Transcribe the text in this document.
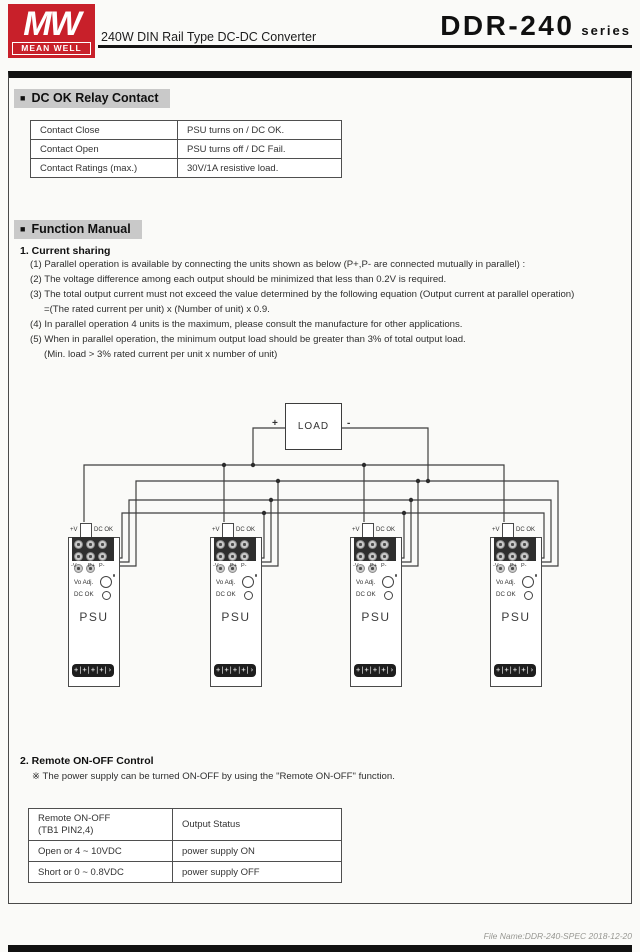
MW
MEAN WELL
240W DIN Rail Type DC-DC Converter	DDR-240 series
■ DC OK Relay Contact
Contact Close	PSU turns on / DC OK.
Contact Open	PSU turns off / DC Fail.
Contact Ratings (max.)	30V/1A resistive load.
■ Function Manual
1. Current sharing
(1) Parallel operation is available by connecting the units shown as below (P+,P- are connected mutually in parallel) :
(2) The voltage difference among each output should be minimized that less than 0.2V is required.
(3) The total output current must not exceed the value determined by the following equation (Output current at parallel operation)
=(The rated current per unit) x (Number of unit) x 0.9.
(4) In parallel operation 4 units is the maximum, please consult the manufacture for other applications.
(5) When in parallel operation, the minimum output load should be greater than 3% of total output load.
(Min. load > 3% rated current per unit x number of unit)
LOAD
+	-
+V	DC OK
-V P+ P-
Vo Adj.
DC OK
PSU
+|+|+|+|›
+V	DC OK
-V P+ P-
Vo Adj.
DC OK
PSU
+|+|+|+|›
+V	DC OK
-V P+ P-
Vo Adj.
DC OK
PSU
+|+|+|+|›
+V	DC OK
-V P+ P-
Vo Adj.
DC OK
PSU
+|+|+|+|›
2. Remote ON-OFF Control
※ The power supply can be turned ON-OFF by using the "Remote ON-OFF" function.
Remote ON-OFF
(TB1 PIN2,4)	Output Status
Open or 4 ~ 10VDC	power supply ON
Short or 0 ~ 0.8VDC	power supply OFF
File Name:DDR-240-SPEC 2018-12-20
